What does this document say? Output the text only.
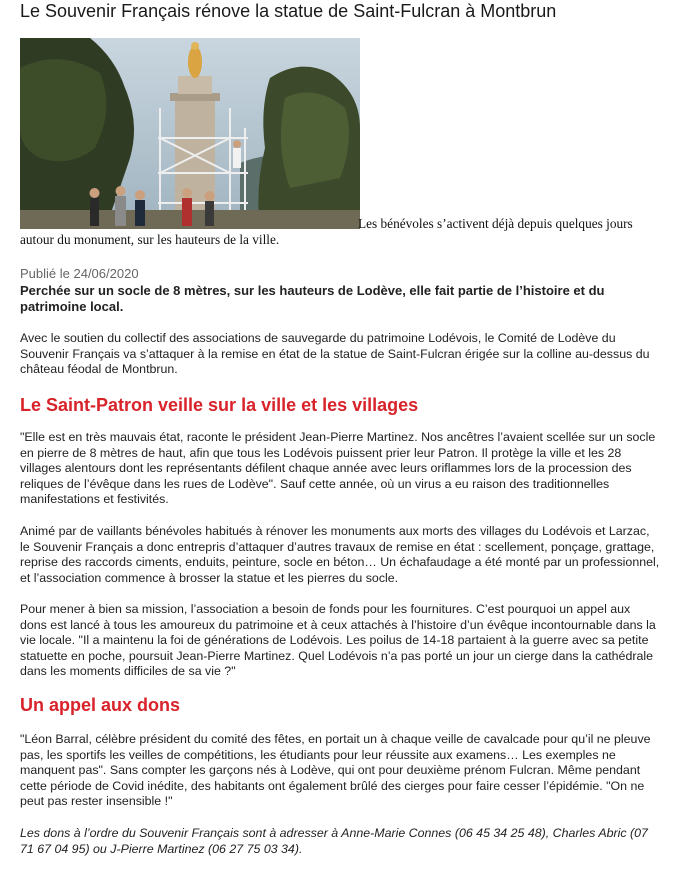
Le Souvenir Français rénove la statue de Saint-Fulcran à Montbrun
Les bénévoles s’activent déjà depuis quelques jours autour du monument, sur les hauteurs de la ville.
Publié le 24/06/2020
Perchée sur un socle de 8 mètres, sur les hauteurs de Lodève, elle fait partie de l’histoire et du patrimoine local.
Avec le soutien du collectif des associations de sauvegarde du patrimoine Lodévois, le Comité de Lodève du Souvenir Français va s’attaquer à la remise en état de la statue de Saint-Fulcran érigée sur la colline au-dessus du château féodal de Montbrun.
Le Saint-Patron veille sur la ville et les villages
"Elle est en très mauvais état, raconte le président Jean-Pierre Martinez. Nos ancêtres l’avaient scellée sur un socle en pierre de 8 mètres de haut, afin que tous les Lodévois puissent prier leur Patron. Il protège la ville et les 28 villages alentours dont les représentants défilent chaque année avec leurs oriflammes lors de la procession des reliques de l’évêque dans les rues de Lodève". Sauf cette année, où un virus a eu raison des traditionnelles manifestations et festivités.
Animé par de vaillants bénévoles habitués à rénover les monuments aux morts des villages du Lodévois et Larzac, le Souvenir Français a donc entrepris d’attaquer d’autres travaux de remise en état : scellement, ponçage, grattage, reprise des raccords ciments, enduits, peinture, socle en béton… Un échafaudage a été monté par un professionnel, et l’association commence à brosser la statue et les pierres du socle.
Pour mener à bien sa mission, l’association a besoin de fonds pour les fournitures. C’est pourquoi un appel aux dons est lancé à tous les amoureux du patrimoine et à ceux attachés à l’histoire d’un évêque incontournable dans la vie locale. "Il a maintenu la foi de générations de Lodévois. Les poilus de 14-18 partaient à la guerre avec sa petite statuette en poche, poursuit Jean-Pierre Martinez. Quel Lodévois n’a pas porté un jour un cierge dans la cathédrale dans les moments difficiles de sa vie ?"
Un appel aux dons
"Léon Barral, célèbre président du comité des fêtes, en portait un à chaque veille de cavalcade pour qu’il ne pleuve pas, les sportifs les veilles de compétitions, les étudiants pour leur réussite aux examens… Les exemples ne manquent pas". Sans compter les garçons nés à Lodève, qui ont pour deuxième prénom Fulcran. Même pendant cette période de Covid inédite, des habitants ont également brûlé des cierges pour faire cesser l’épidémie. "On ne peut pas rester insensible !"
Les dons à l’ordre du Souvenir Français sont à adresser à Anne-Marie Connes (06 45 34 25 48), Charles Abric (07 71 67 04 95) ou J-Pierre Martinez (06 27 75 03 34).
